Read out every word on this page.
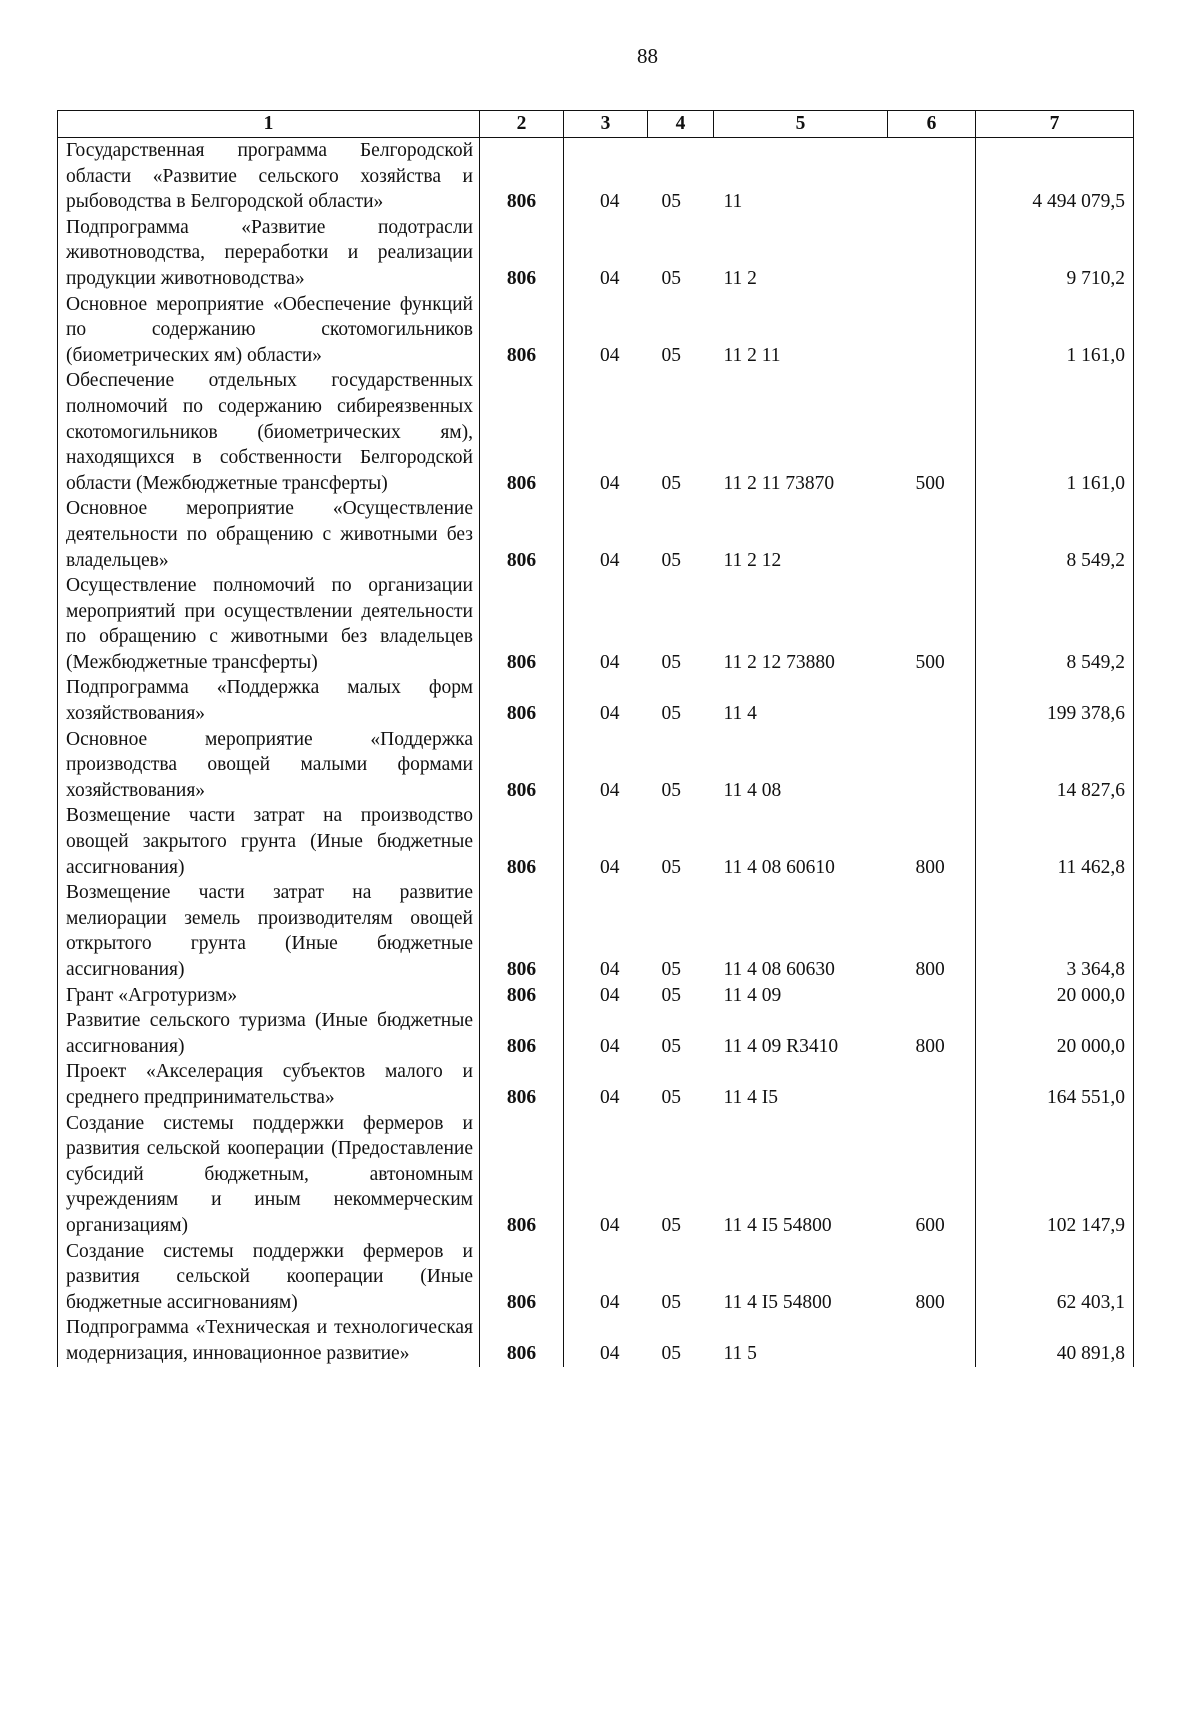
88
1	2	3	4	5	6	7
Государственная программа Белгородской области «Развитие сельского хозяйства и рыбоводства в Белгородской области»	806	04	05	11		4 494 079,5
Подпрограмма «Развитие подотрасли животноводства, переработки и реализации продукции животноводства»	806	04	05	11 2		9 710,2
Основное мероприятие «Обеспечение функций по содержанию скотомогильников (биометрических ям) области»	806	04	05	11 2 11		1 161,0
Обеспечение отдельных государственных полномочий по содержанию сибиреязвенных скотомогильников (биометрических ям), находящихся в собственности Белгородской области (Межбюджетные трансферты)	806	04	05	11 2 11 73870	500	1 161,0
Основное мероприятие «Осуществление деятельности по обращению с животными без владельцев»	806	04	05	11 2 12		8 549,2
Осуществление полномочий по организации мероприятий при осуществлении деятельности по обращению с животными без владельцев (Межбюджетные трансферты)	806	04	05	11 2 12 73880	500	8 549,2
Подпрограмма «Поддержка малых форм хозяйствования»	806	04	05	11 4		199 378,6
Основное мероприятие «Поддержка производства овощей малыми формами хозяйствования»	806	04	05	11 4 08		14 827,6
Возмещение части затрат на производство овощей закрытого грунта (Иные бюджетные ассигнования)	806	04	05	11 4 08 60610	800	11 462,8
Возмещение части затрат на развитие мелиорации земель производителям овощей открытого грунта (Иные бюджетные ассигнования)	806	04	05	11 4 08 60630	800	3 364,8
Грант «Агротуризм»	806	04	05	11 4 09		20 000,0
Развитие сельского туризма (Иные бюджетные ассигнования)	806	04	05	11 4 09 R3410	800	20 000,0
Проект «Акселерация субъектов малого и среднего предпринимательства»	806	04	05	11 4 I5		164 551,0
Создание системы поддержки фермеров и развития сельской кооперации (Предоставление субсидий бюджетным, автономным учреждениям и иным некоммерческим организациям)	806	04	05	11 4 I5 54800	600	102 147,9
Создание системы поддержки фермеров и развития сельской кооперации (Иные бюджетные ассигнованиям)	806	04	05	11 4 I5 54800	800	62 403,1
Подпрограмма «Техническая и технологическая модернизация, инновационное развитие»	806	04	05	11 5		40 891,8
